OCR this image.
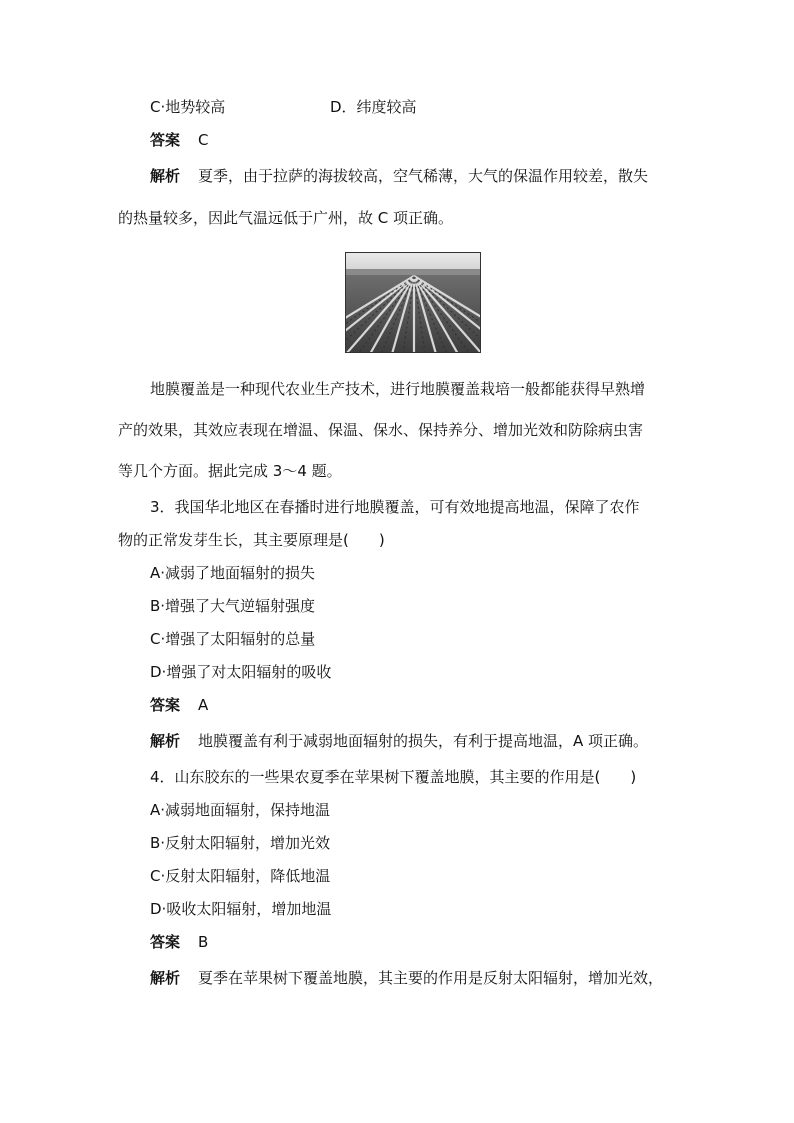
C·地势较高	D．纬度较高
答案 C
解析 夏季，由于拉萨的海拔较高，空气稀薄，大气的保温作用较差，散失
的热量较多，因此气温远低于广州，故 C 项正确。
地膜覆盖是一种现代农业生产技术，进行地膜覆盖栽培一般都能获得早熟增
产的效果，其效应表现在增温、保温、保水、保持养分、增加光效和防除病虫害
等几个方面。据此完成 3～4 题。
3．我国华北地区在春播时进行地膜覆盖，可有效地提高地温，保障了农作
物的正常发芽生长，其主要原理是(　　)
A·减弱了地面辐射的损失
B·增强了大气逆辐射强度
C·增强了太阳辐射的总量
D·增强了对太阳辐射的吸收
答案 A
解析 地膜覆盖有利于减弱地面辐射的损失，有利于提高地温，A 项正确。
4．山东胶东的一些果农夏季在苹果树下覆盖地膜，其主要的作用是(　　)
A·减弱地面辐射，保持地温
B·反射太阳辐射，增加光效
C·反射太阳辐射，降低地温
D·吸收太阳辐射，增加地温
答案 B
解析 夏季在苹果树下覆盖地膜，其主要的作用是反射太阳辐射，增加光效，
